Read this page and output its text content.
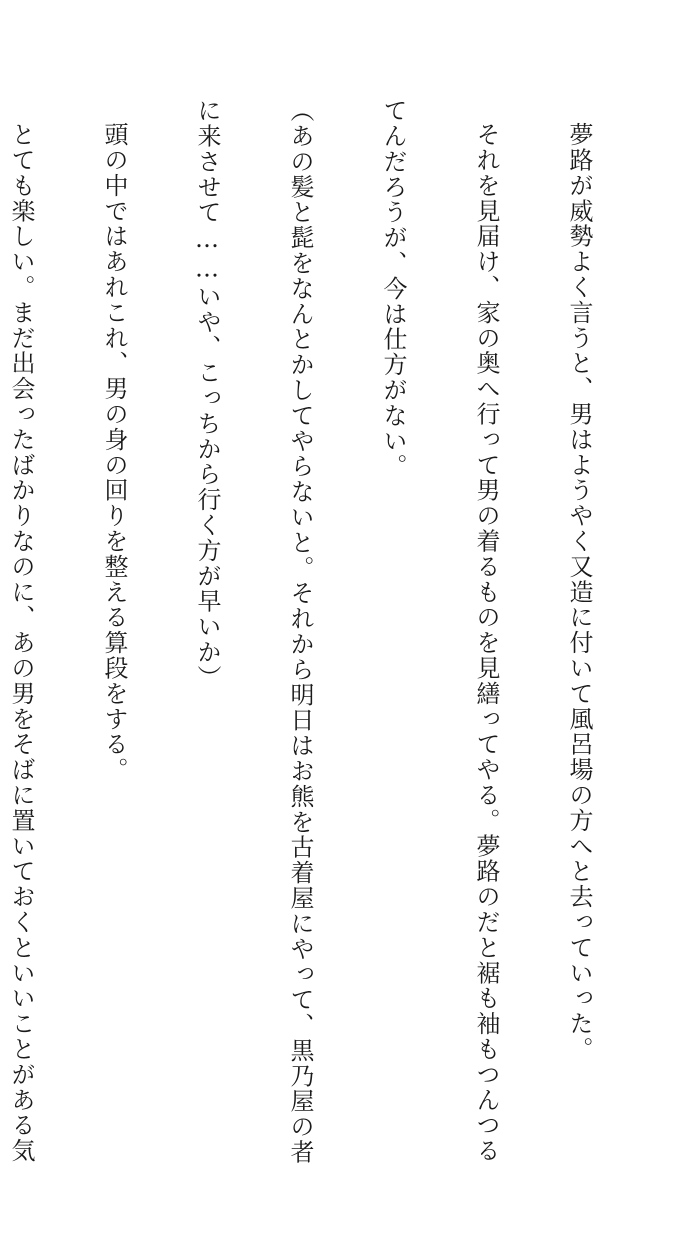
夢路が威勢よく言うと、男はようやく又造に付いて風呂場の方へと去っていった。

それを見届け、家の奥へ行って男の着るものを見繕ってやる。夢路のだと裾も袖もつんつる

てんだろうが、今は仕方がない。

（あの髪と髭をなんとかしてやらないと。それから明日はお熊を古着屋にやって、黒乃屋の者

に来させて……いや、こっちから行く方が早いか）

頭の中ではあれこれ、男の身の回りを整える算段をする。

とても楽しい。まだ出会ったばかりなのに、あの男をそばに置いておくといいことがある気
